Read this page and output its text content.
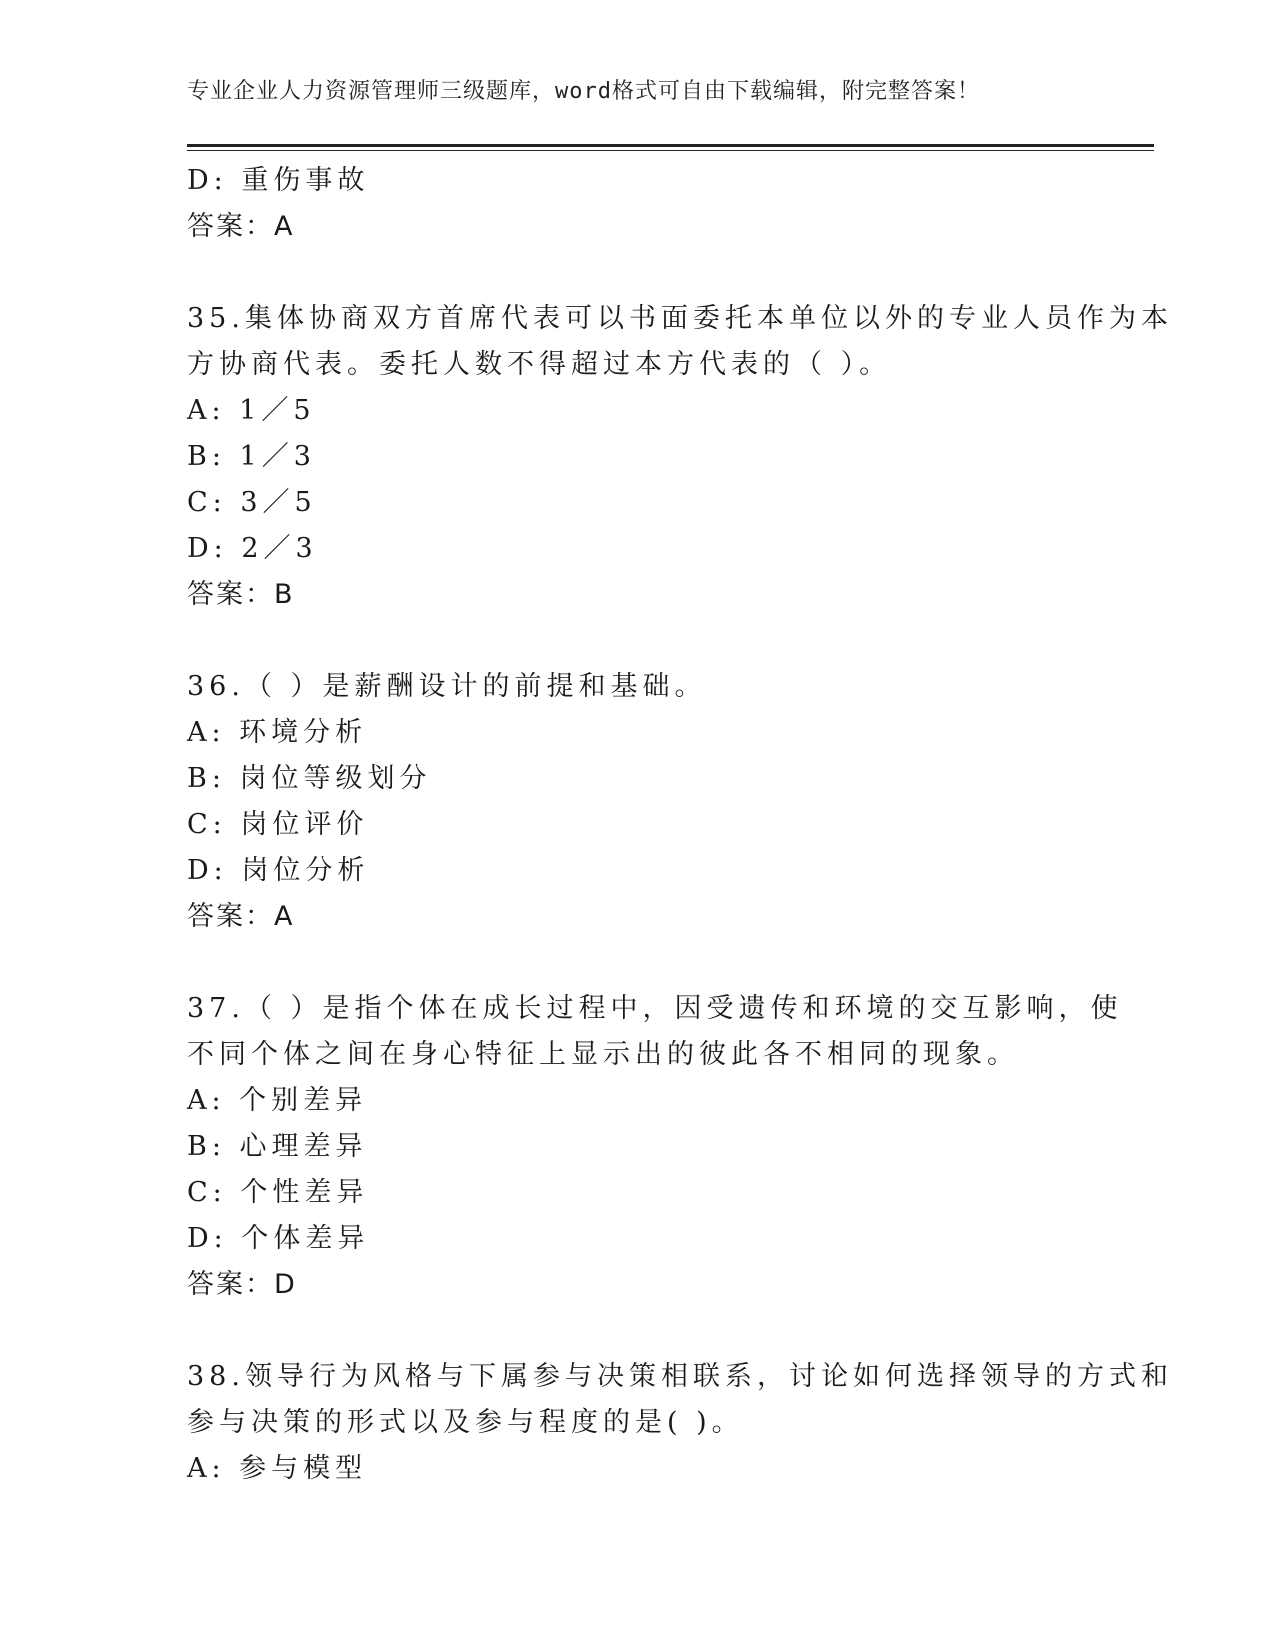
专业企业人力资源管理师三级题库，word格式可自由下载编辑，附完整答案！
D: 重伤事故
答案：A
35.集体协商双方首席代表可以书面委托本单位以外的专业人员作为本
方协商代表。委托人数不得超过本方代表的（ ）。
A: 1／5
B: 1／3
C: 3／5
D: 2／3
答案：B
36.（ ）是薪酬设计的前提和基础。
A: 环境分析
B: 岗位等级划分
C: 岗位评价
D: 岗位分析
答案：A
37.（ ）是指个体在成长过程中，因受遗传和环境的交互影响，使
不同个体之间在身心特征上显示出的彼此各不相同的现象。
A: 个别差异
B: 心理差异
C: 个性差异
D: 个体差异
答案：D
38.领导行为风格与下属参与决策相联系，讨论如何选择领导的方式和
参与决策的形式以及参与程度的是( )。
A: 参与模型
